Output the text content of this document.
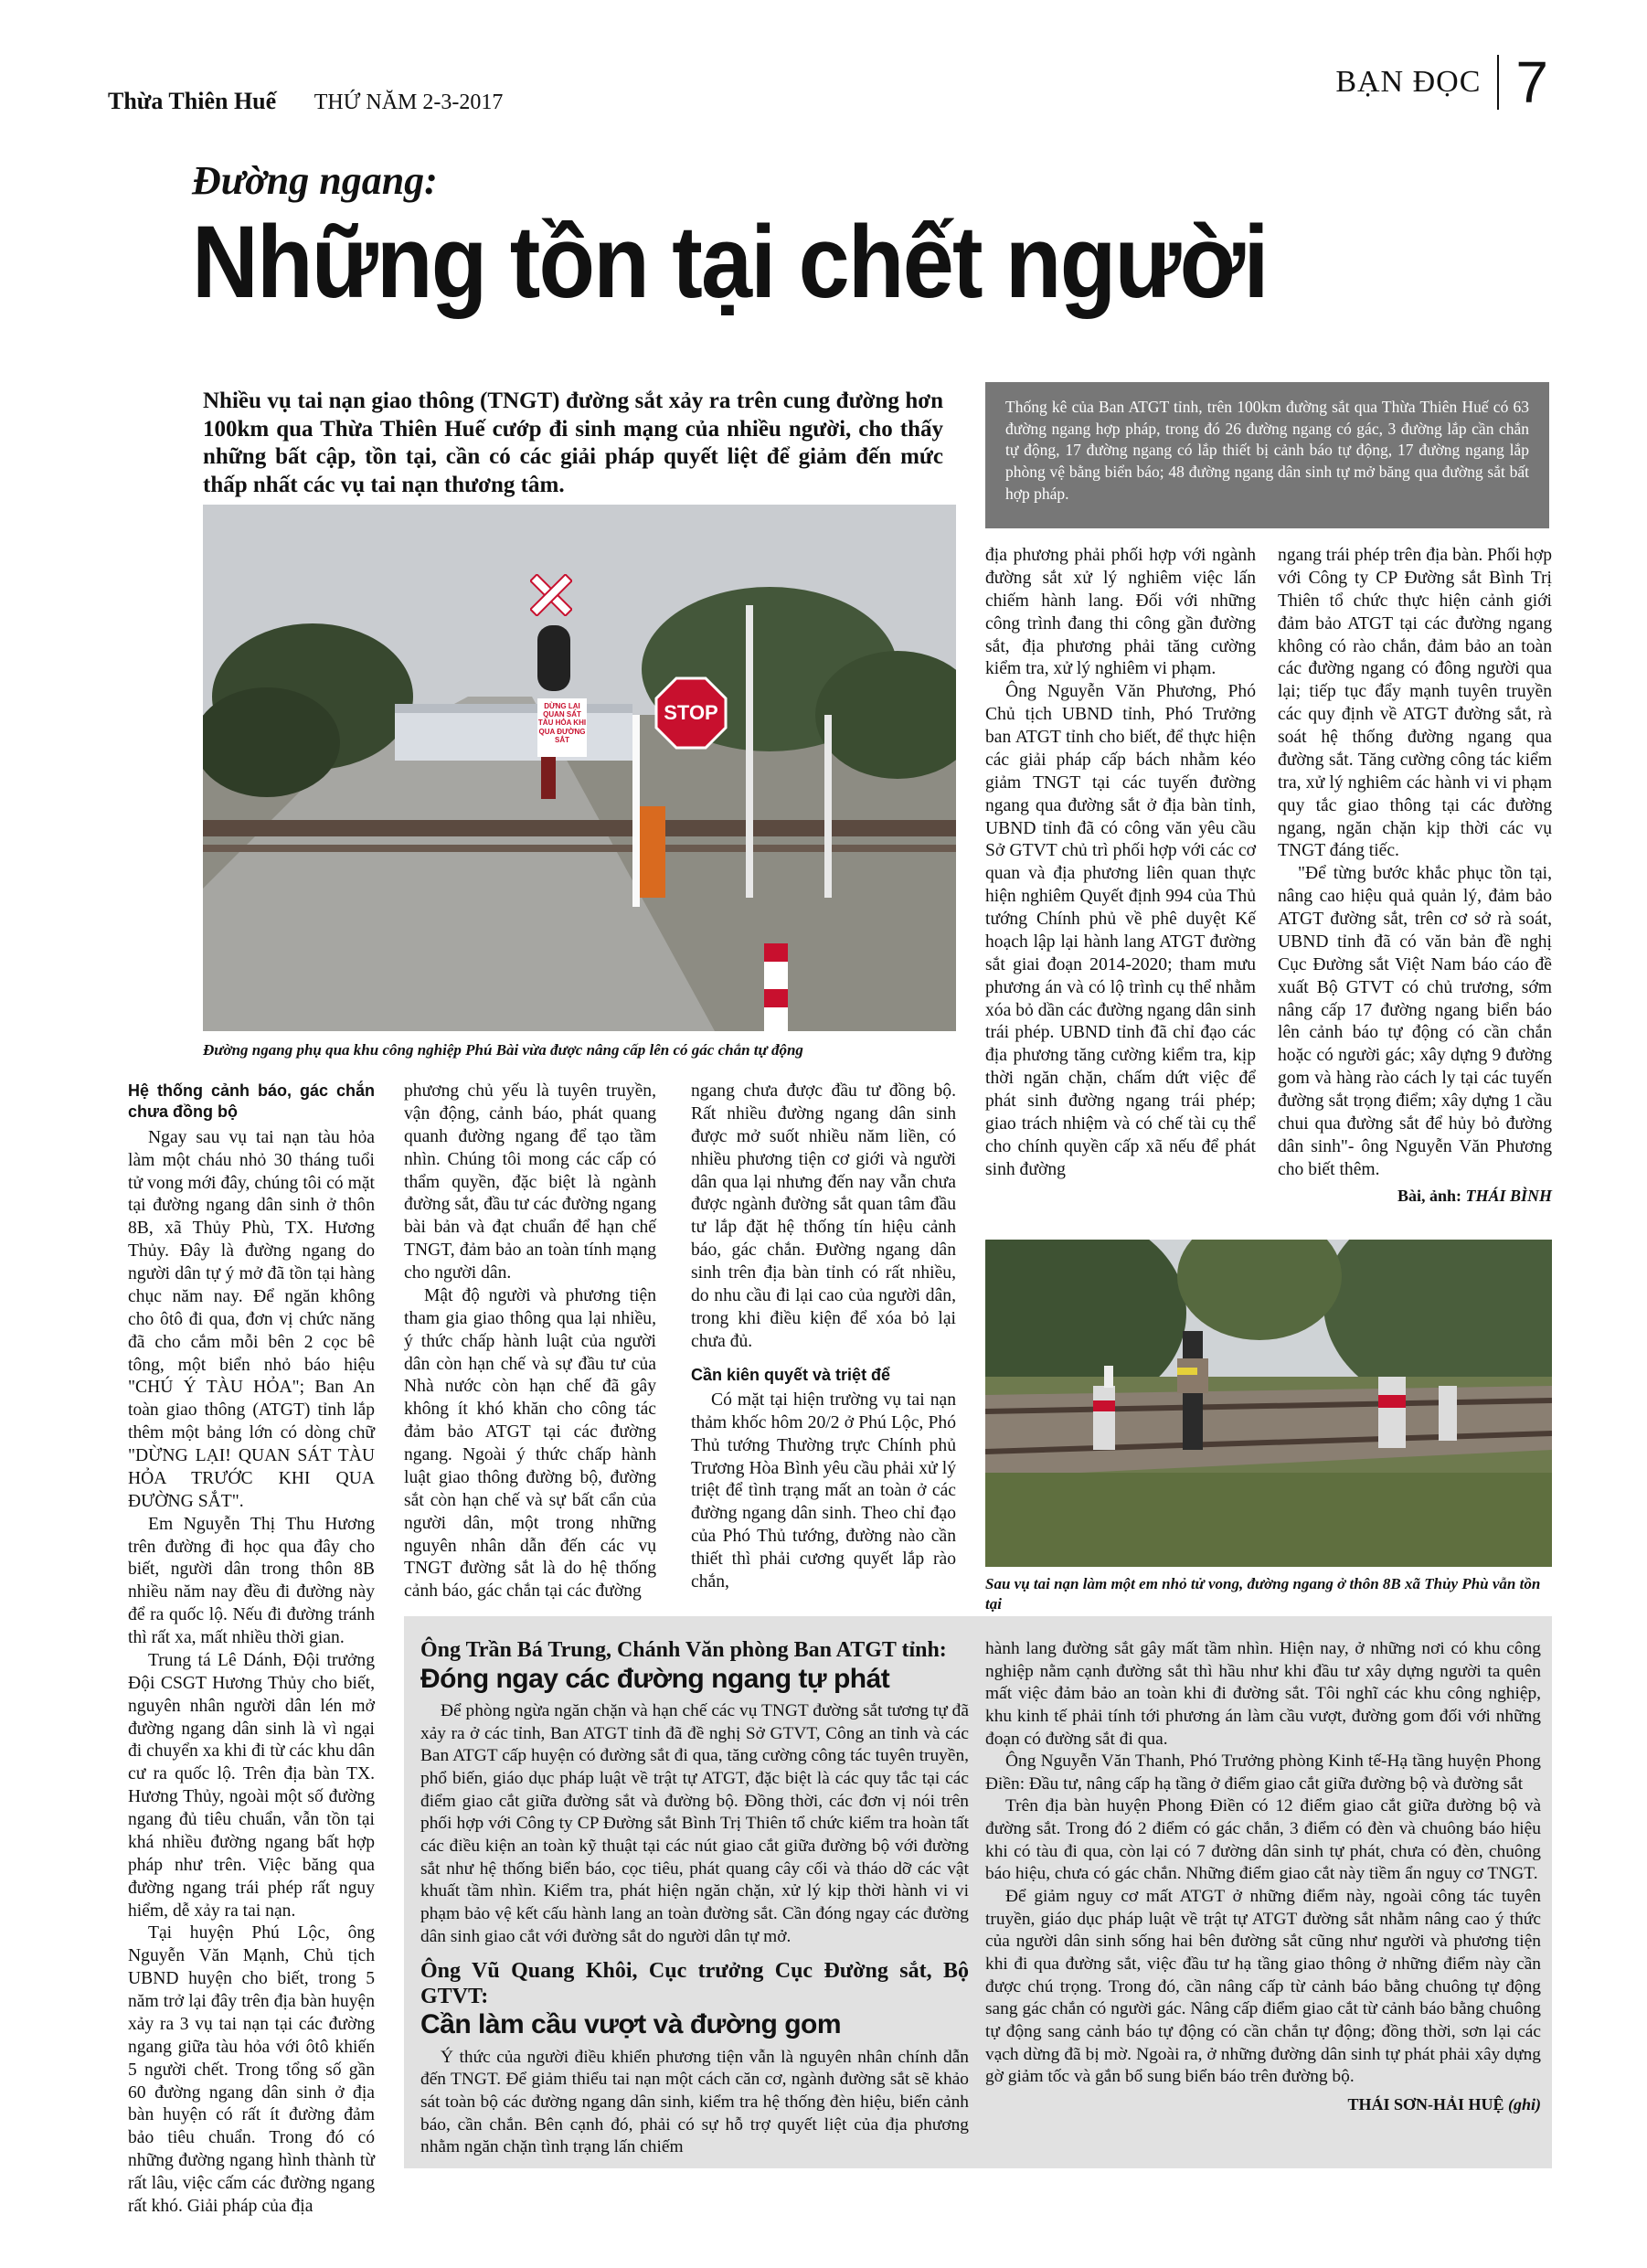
Thừa Thiên Huế THỨ NĂM 2-3-2017
BẠN ĐỌC 7
Đường ngang:
Những tồn tại chết người
Nhiều vụ tai nạn giao thông (TNGT) đường sắt xảy ra trên cung đường hơn 100km qua Thừa Thiên Huế cướp đi sinh mạng của nhiều người, cho thấy những bất cập, tồn tại, cần có các giải pháp quyết liệt để giảm đến mức thấp nhất các vụ tai nạn thương tâm.
Thống kê của Ban ATGT tỉnh, trên 100km đường sắt qua Thừa Thiên Huế có 63 đường ngang hợp pháp, trong đó 26 đường ngang có gác, 3 đường lắp cần chắn tự động, 17 đường ngang có lắp thiết bị cảnh báo tự động, 17 đường ngang lắp phòng vệ bằng biển báo; 48 đường ngang dân sinh tự mở băng qua đường sắt bất hợp pháp.
DỪNG LẠI QUAN SÁT TÀU HỎA KHI QUA ĐƯỜNG SẮT
STOP
Đường ngang phụ qua khu công nghiệp Phú Bài vừa được nâng cấp lên có gác chắn tự động
Hệ thống cảnh báo, gác chắn chưa đồng bộ

Ngay sau vụ tai nạn tàu hỏa làm một cháu nhỏ 30 tháng tuổi tử vong mới đây, chúng tôi có mặt tại đường ngang dân sinh ở thôn 8B, xã Thủy Phù, TX. Hương Thủy. Đây là đường ngang do người dân tự ý mở đã tồn tại hàng chục năm nay. Để ngăn không cho ôtô đi qua, đơn vị chức năng đã cho cắm mỗi bên 2 cọc bê tông, một biển nhỏ báo hiệu "CHÚ Ý TÀU HỎA"; Ban An toàn giao thông (ATGT) tỉnh lắp thêm một bảng lớn có dòng chữ "DỪNG LẠI! QUAN SÁT TÀU HỎA TRƯỚC KHI QUA ĐƯỜNG SẮT".

Em Nguyễn Thị Thu Hương trên đường đi học qua đây cho biết, người dân trong thôn 8B nhiều năm nay đều đi đường này để ra quốc lộ. Nếu đi đường tránh thì rất xa, mất nhiều thời gian.

Trung tá Lê Dánh, Đội trưởng Đội CSGT Hương Thủy cho biết, nguyên nhân người dân lén mở đường ngang dân sinh là vì ngại đi chuyển xa khi đi từ các khu dân cư ra quốc lộ. Trên địa bàn TX. Hương Thủy, ngoài một số đường ngang đủ tiêu chuẩn, vẫn tồn tại khá nhiều đường ngang bất hợp pháp như trên. Việc băng qua đường ngang trái phép rất nguy hiểm, dễ xảy ra tai nạn.

Tại huyện Phú Lộc, ông Nguyễn Văn Mạnh, Chủ tịch UBND huyện cho biết, trong 5 năm trở lại đây trên địa bàn huyện xảy ra 3 vụ tai nạn tại các đường ngang giữa tàu hỏa với ôtô khiến 5 người chết. Trong tổng số gần 60 đường ngang dân sinh ở địa bàn huyện có rất ít đường đảm bảo tiêu chuẩn. Trong đó có những đường ngang hình thành từ rất lâu, việc cấm các đường ngang rất khó. Giải pháp của địa

phương chủ yếu là tuyên truyền, vận động, cảnh báo, phát quang quanh đường ngang để tạo tầm nhìn. Chúng tôi mong các cấp có thẩm quyền, đặc biệt là ngành đường sắt, đầu tư các đường ngang bài bản và đạt chuẩn để hạn chế TNGT, đảm bảo an toàn tính mạng cho người dân.

Mật độ người và phương tiện tham gia giao thông qua lại nhiều, ý thức chấp hành luật của người dân còn hạn chế và sự đầu tư của Nhà nước còn hạn chế đã gây không ít khó khăn cho công tác đảm bảo ATGT tại các đường ngang. Ngoài ý thức chấp hành luật giao thông đường bộ, đường sắt còn hạn chế và sự bất cẩn của người dân, một trong những nguyên nhân dẫn đến các vụ TNGT đường sắt là do hệ thống cảnh báo, gác chắn tại các đường

ngang chưa được đầu tư đồng bộ. Rất nhiều đường ngang dân sinh được mở suốt nhiều năm liền, có nhiều phương tiện cơ giới và người dân qua lại nhưng đến nay vẫn chưa được ngành đường sắt quan tâm đầu tư lắp đặt hệ thống tín hiệu cảnh báo, gác chắn. Đường ngang dân sinh trên địa bàn tỉnh có rất nhiều, do nhu cầu đi lại cao của người dân, trong khi điều kiện để xóa bỏ lại chưa đủ.

Cần kiên quyết và triệt để

Có mặt tại hiện trường vụ tai nạn thảm khốc hôm 20/2 ở Phú Lộc, Phó Thủ tướng Thường trực Chính phủ Trương Hòa Bình yêu cầu phải xử lý triệt để tình trạng mất an toàn ở các đường ngang dân sinh. Theo chỉ đạo của Phó Thủ tướng, đường nào cần thiết thì phải cương quyết lắp rào chắn,

địa phương phải phối hợp với ngành đường sắt xử lý nghiêm việc lấn chiếm hành lang. Đối với những công trình đang thi công gần đường sắt, địa phương phải tăng cường kiểm tra, xử lý nghiêm vi phạm.

Ông Nguyễn Văn Phương, Phó Chủ tịch UBND tỉnh, Phó Trưởng ban ATGT tỉnh cho biết, để thực hiện các giải pháp cấp bách nhằm kéo giảm TNGT tại các tuyến đường ngang qua đường sắt ở địa bàn tỉnh, UBND tỉnh đã có công văn yêu cầu Sở GTVT chủ trì phối hợp với các cơ quan và địa phương liên quan thực hiện nghiêm Quyết định 994 của Thủ tướng Chính phủ về phê duyệt Kế hoạch lập lại hành lang ATGT đường sắt giai đoạn 2014-2020; tham mưu phương án và có lộ trình cụ thể nhằm xóa bỏ dần các đường ngang dân sinh trái phép. UBND tỉnh đã chỉ đạo các địa phương tăng cường kiểm tra, kịp thời ngăn chặn, chấm dứt việc để phát sinh đường ngang trái phép; giao trách nhiệm và có chế tài cụ thể cho chính quyền cấp xã nếu để phát sinh đường

ngang trái phép trên địa bàn. Phối hợp với Công ty CP Đường sắt Bình Trị Thiên tổ chức thực hiện cảnh giới đảm bảo ATGT tại các đường ngang không có rào chắn, đảm bảo an toàn các đường ngang có đông người qua lại; tiếp tục đẩy mạnh tuyên truyền các quy định về ATGT đường sắt, rà soát hệ thống đường ngang qua đường sắt. Tăng cường công tác kiểm tra, xử lý nghiêm các hành vi vi phạm quy tắc giao thông tại các đường ngang, ngăn chặn kịp thời các vụ TNGT đáng tiếc.

"Để từng bước khắc phục tồn tại, nâng cao hiệu quả quản lý, đảm bảo ATGT đường sắt, trên cơ sở rà soát, UBND tỉnh đã có văn bản đề nghị Cục Đường sắt Việt Nam báo cáo đề xuất Bộ GTVT có chủ trương, sớm nâng cấp 17 đường ngang biển báo lên cảnh báo tự động có cần chắn hoặc có người gác; xây dựng 9 đường gom và hàng rào cách ly tại các tuyến đường sắt trọng điểm; xây dựng 1 cầu chui qua đường sắt để hủy bỏ đường dân sinh"- ông Nguyễn Văn Phương cho biết thêm.

Bài, ảnh: THÁI BÌNH
Sau vụ tai nạn làm một em nhỏ tử vong, đường ngang ở thôn 8B xã Thủy Phù vẫn tồn tại
Ông Trần Bá Trung, Chánh Văn phòng Ban ATGT tỉnh:
Đóng ngay các đường ngang tự phát

Để phòng ngừa ngăn chặn và hạn chế các vụ TNGT đường sắt tương tự đã xảy ra ở các tỉnh, Ban ATGT tỉnh đã đề nghị Sở GTVT, Công an tỉnh và các Ban ATGT cấp huyện có đường sắt đi qua, tăng cường công tác tuyên truyền, phổ biến, giáo dục pháp luật về trật tự ATGT, đặc biệt là các quy tắc tại các điểm giao cắt giữa đường sắt và đường bộ. Đồng thời, các đơn vị nói trên phối hợp với Công ty CP Đường sắt Bình Trị Thiên tổ chức kiểm tra hoàn tất các điều kiện an toàn kỹ thuật tại các nút giao cắt giữa đường bộ với đường sắt như hệ thống biển báo, cọc tiêu, phát quang cây cối và tháo dỡ các vật khuất tầm nhìn. Kiểm tra, phát hiện ngăn chặn, xử lý kịp thời hành vi vi phạm bảo vệ kết cấu hành lang an toàn đường sắt. Cần đóng ngay các đường dân sinh giao cắt với đường sắt do người dân tự mở.

Ông Vũ Quang Khôi, Cục trưởng Cục Đường sắt, Bộ GTVT:
Cần làm cầu vượt và đường gom

Ý thức của người điều khiển phương tiện vẫn là nguyên nhân chính dẫn đến TNGT. Để giảm thiểu tai nạn một cách căn cơ, ngành đường sắt sẽ khảo sát toàn bộ các đường ngang dân sinh, kiểm tra hệ thống đèn hiệu, biển cảnh báo, cần chắn. Bên cạnh đó, phải có sự hỗ trợ quyết liệt của địa phương nhằm ngăn chặn tình trạng lấn chiếm

hành lang đường sắt gây mất tầm nhìn. Hiện nay, ở những nơi có khu công nghiệp nằm cạnh đường sắt thì hầu như khi đầu tư xây dựng người ta quên mất việc đảm bảo an toàn khi đi đường sắt. Tôi nghĩ các khu công nghiệp, khu kinh tế phải tính tới phương án làm cầu vượt, đường gom đối với những đoạn có đường sắt đi qua.

Ông Nguyễn Văn Thanh, Phó Trưởng phòng Kinh tế-Hạ tầng huyện Phong Điền: Đầu tư, nâng cấp hạ tầng ở điểm giao cắt giữa đường bộ và đường sắt

Trên địa bàn huyện Phong Điền có 12 điểm giao cắt giữa đường bộ và đường sắt. Trong đó 2 điểm có gác chắn, 3 điểm có đèn và chuông báo hiệu khi có tàu đi qua, còn lại có 7 đường dân sinh tự phát, chưa có đèn, chuông báo hiệu, chưa có gác chắn. Những điểm giao cắt này tiềm ẩn nguy cơ TNGT.

Để giảm nguy cơ mất ATGT ở những điểm này, ngoài công tác tuyên truyền, giáo dục pháp luật về trật tự ATGT đường sắt nhằm nâng cao ý thức của người dân sinh sống hai bên đường sắt cũng như người và phương tiện khi đi qua đường sắt, việc đầu tư hạ tầng giao thông ở những điểm này cần được chú trọng. Trong đó, cần nâng cấp từ cảnh báo bằng chuông tự động sang gác chắn có người gác. Nâng cấp điểm giao cắt từ cảnh báo bằng chuông tự động sang cảnh báo tự động có cần chắn tự động; đồng thời, sơn lại các vạch dừng đã bị mờ. Ngoài ra, ở những đường dân sinh tự phát phải xây dựng gờ giảm tốc và gắn bổ sung biển báo trên đường bộ.

THÁI SƠN-HẢI HUỆ (ghi)
